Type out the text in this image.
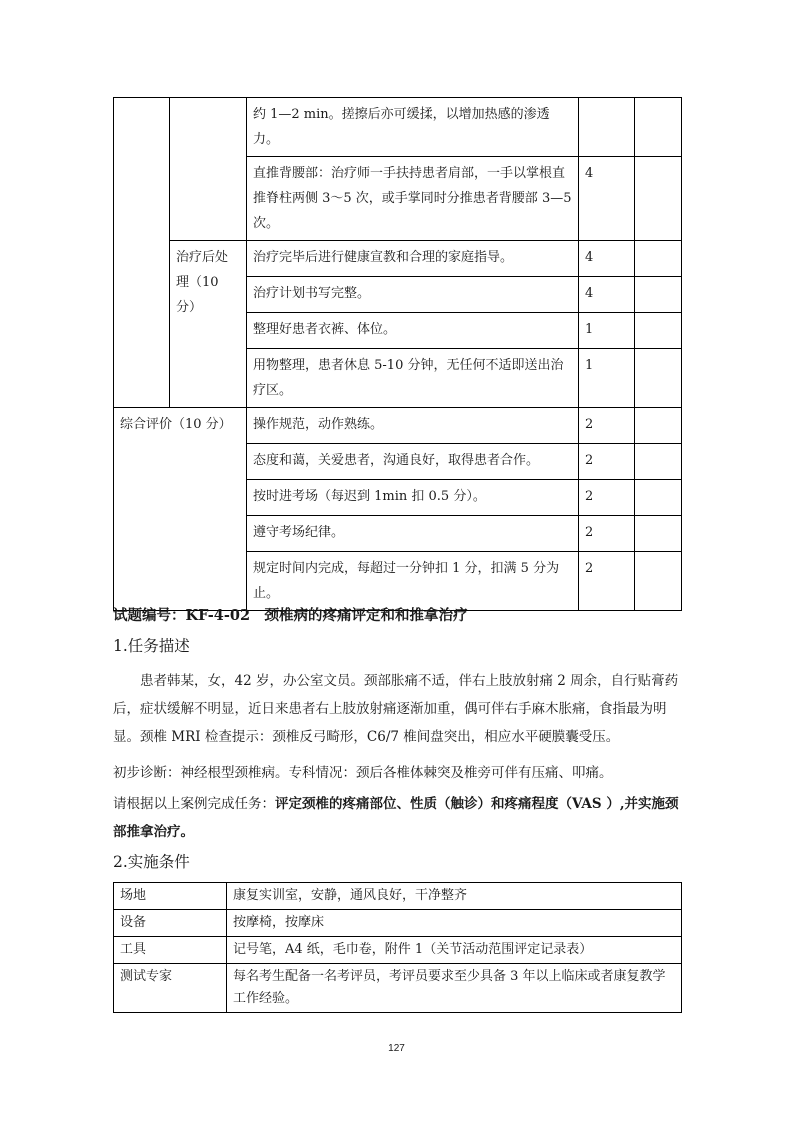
		约 1—2 min。搓擦后亦可缓揉，以增加热感的渗透力。		
		直推背腰部：治疗师一手扶持患者肩部，一手以掌根直推脊柱两侧 3～5 次，或手掌同时分推患者背腰部 3—5 次。	4	
	治疗后处理（10 分）	治疗完毕后进行健康宣教和合理的家庭指导。	4	
		治疗计划书写完整。	4	
		整理好患者衣裤、体位。	1	
		用物整理，患者休息 5-10 分钟，无任何不适即送出治疗区。	1	
综合评价（10 分）		操作规范，动作熟练。	2	
		态度和蔼，关爱患者，沟通良好，取得患者合作。	2	
		按时进考场（每迟到 1min 扣 0.5 分）。	2	
		遵守考场纪律。	2	
		规定时间内完成，每超过一分钟扣 1 分，扣满 5 分为止。	2	
试题编号：KF-4-02　颈椎病的疼痛评定和和推拿治疗
1.任务描述

患者韩某，女，42 岁，办公室文员。颈部胀痛不适，伴右上肢放射痛 2 周余，自行贴膏药后，症状缓解不明显，近日来患者右上肢放射痛逐渐加重，偶可伴右手麻木胀痛，食指最为明显。颈椎 MRI 检查提示：颈椎反弓畸形，C6/7 椎间盘突出，相应水平硬膜囊受压。

初步诊断：神经根型颈椎病。专科情况：颈后各椎体棘突及椎旁可伴有压痛、叩痛。

请根据以上案例完成任务：评定颈椎的疼痛部位、性质（触诊）和疼痛程度（VAS ）,并实施颈部推拿治疗。

2.实施条件
场地	康复实训室，安静，通风良好，干净整齐
设备	按摩椅，按摩床
工具	记号笔，A4 纸，毛巾卷，附件 1（关节活动范围评定记录表）
测试专家	每名考生配备一名考评员，考评员要求至少具备 3 年以上临床或者康复教学工作经验。
127
